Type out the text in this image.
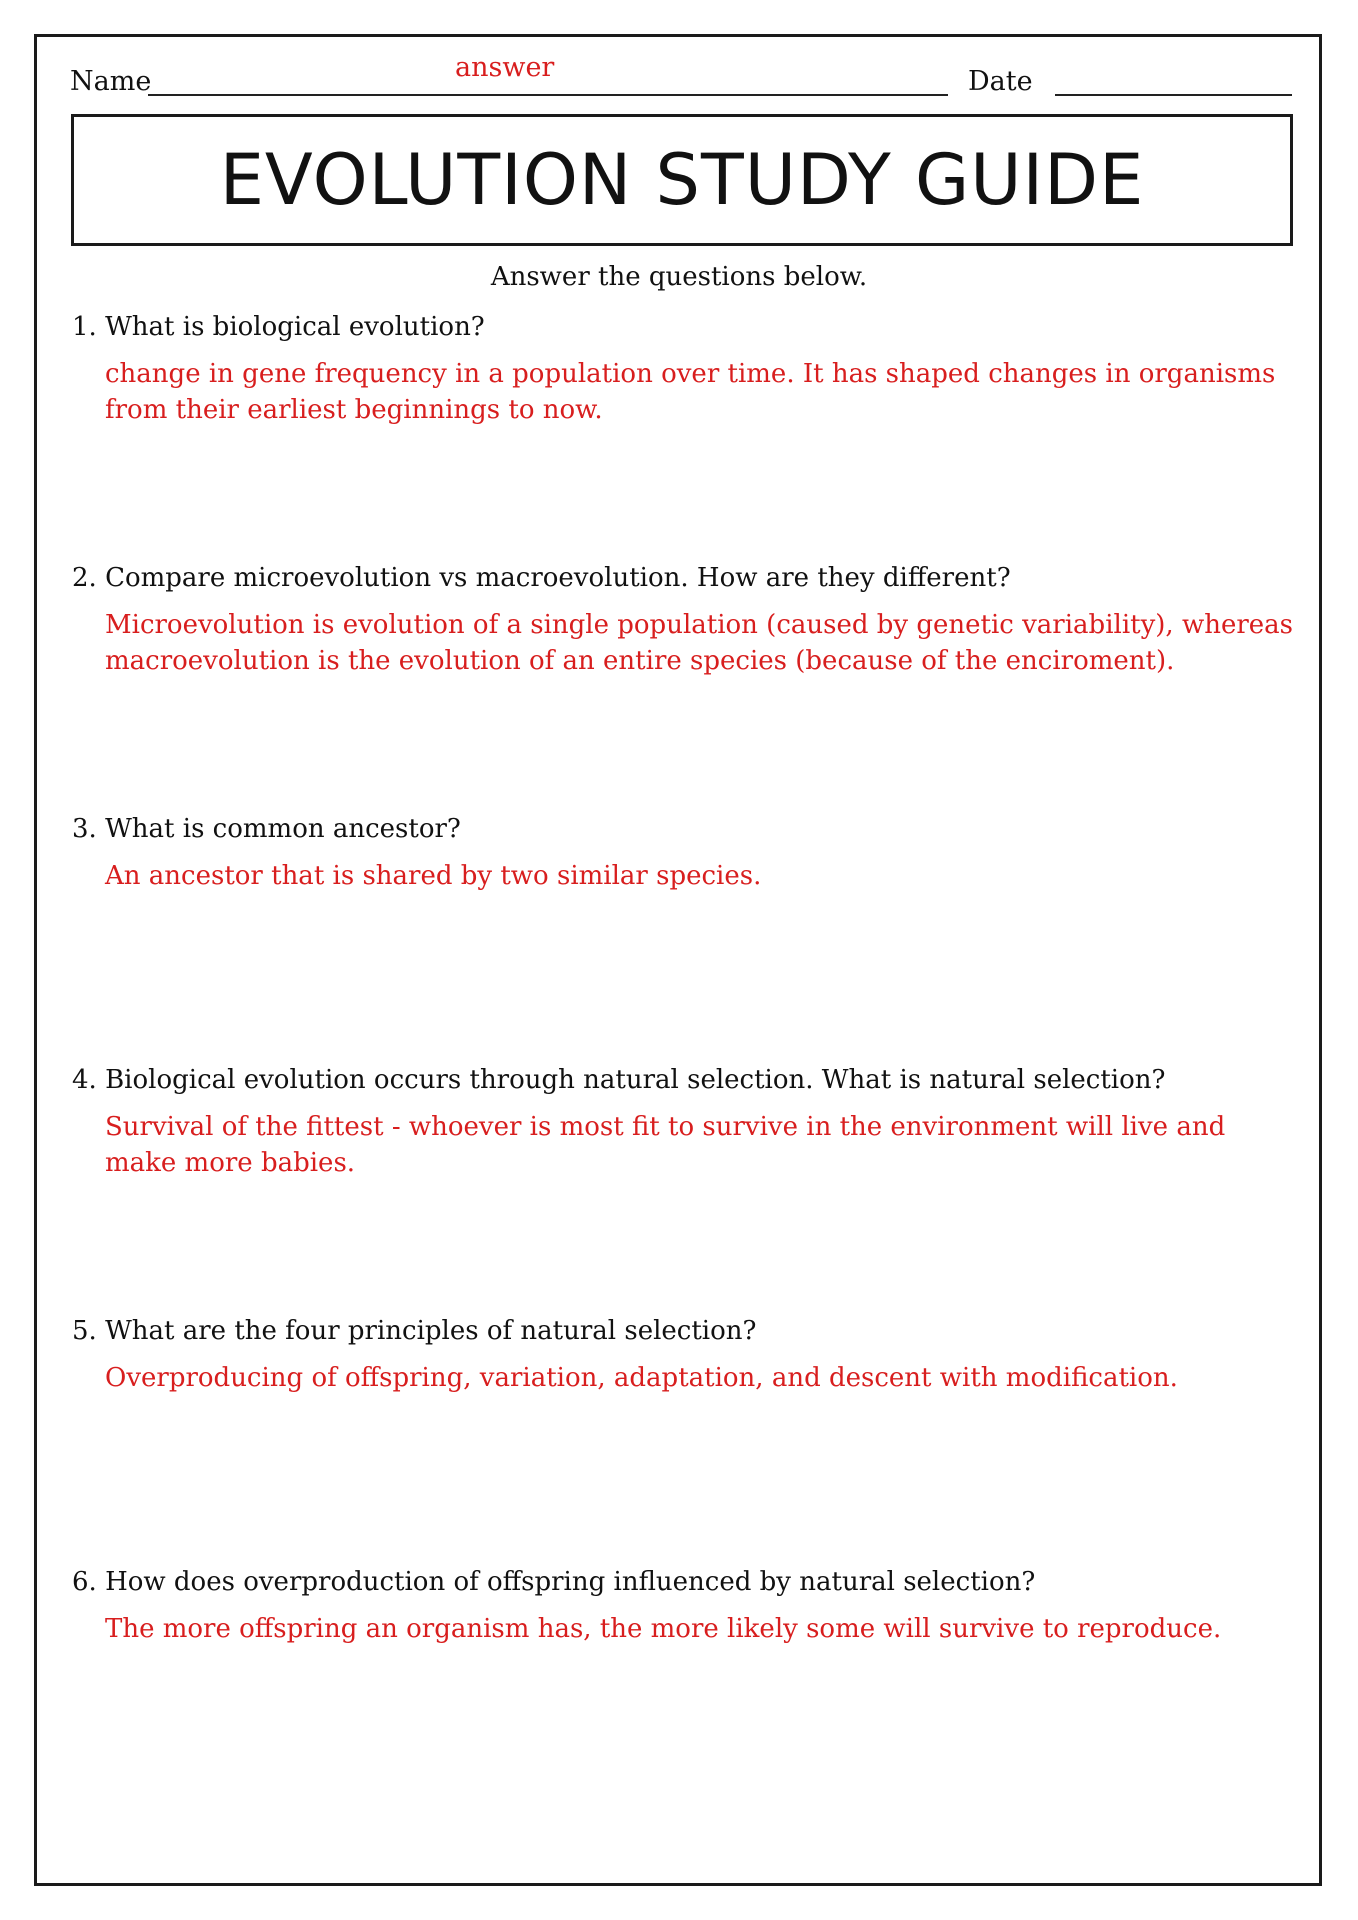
Name	answer	Date
EVOLUTION STUDY GUIDE
Answer the questions below.
1. What is biological evolution?
change in gene frequency in a population over time. It has shaped changes in organisms from their earliest beginnings to now.
2. Compare microevolution vs macroevolution. How are they different?
Microevolution is evolution of a single population (caused by genetic variability), whereas macroevolution is the evolution of an entire species (because of the enciroment).
3. What is common ancestor?
An ancestor that is shared by two similar species.
4. Biological evolution occurs through natural selection. What is natural selection?
Survival of the fittest - whoever is most fit to survive in the environment will live and make more babies.
5. What are the four principles of natural selection?
Overproducing of offspring, variation, adaptation, and descent with modification.
6. How does overproduction of offspring influenced by natural selection?
The more offspring an organism has, the more likely some will survive to reproduce.
